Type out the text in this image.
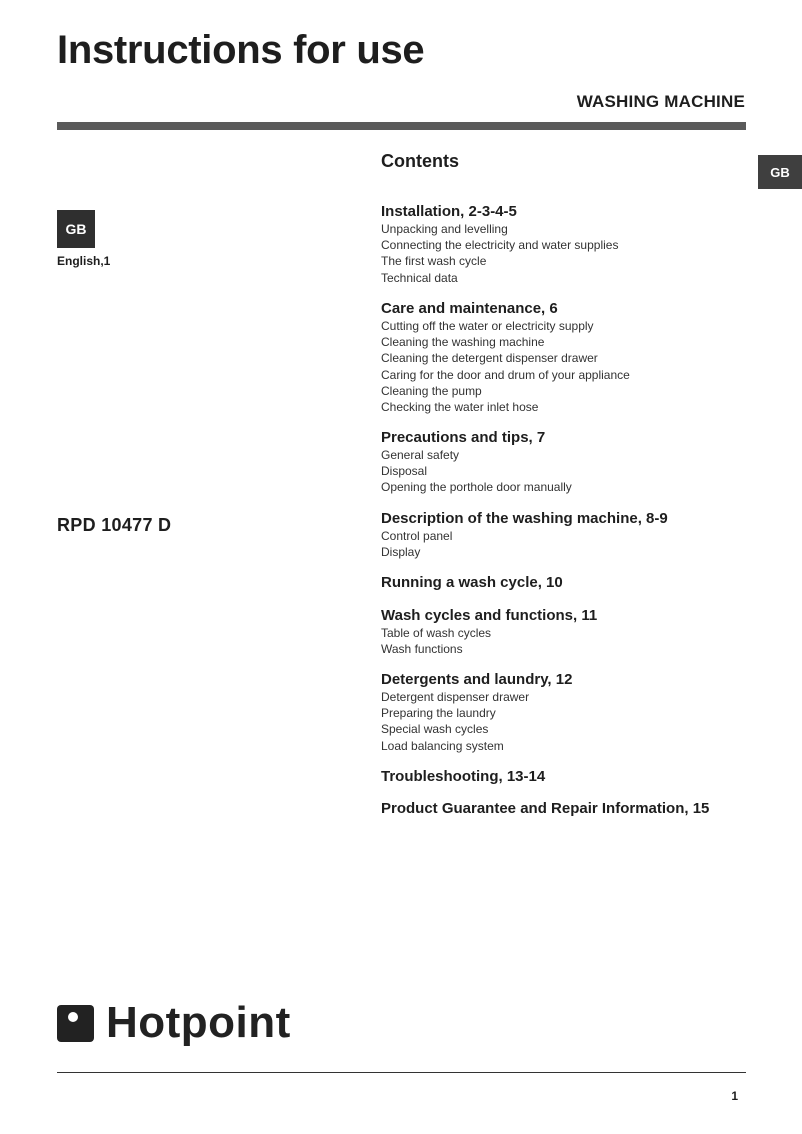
Instructions for use
WASHING MACHINE
GB
GB
English,1
RPD 10477 D
Contents
Installation, 2-3-4-5
Unpacking and levelling
Connecting the electricity and water supplies
The first wash cycle
Technical data
Care and maintenance, 6
Cutting off the water or electricity supply
Cleaning the washing machine
Cleaning the detergent dispenser drawer
Caring for the door and drum of your appliance
Cleaning the pump
Checking the water inlet hose
Precautions and tips, 7
General safety
Disposal
Opening the porthole door manually
Description of the washing machine, 8-9
Control panel
Display
Running a wash cycle, 10
Wash cycles and functions, 11
Table of wash cycles
Wash functions
Detergents and laundry, 12
Detergent dispenser drawer
Preparing the laundry
Special wash cycles
Load balancing system
Troubleshooting, 13-14
Product Guarantee and Repair Information, 15
Hotpoint
1
